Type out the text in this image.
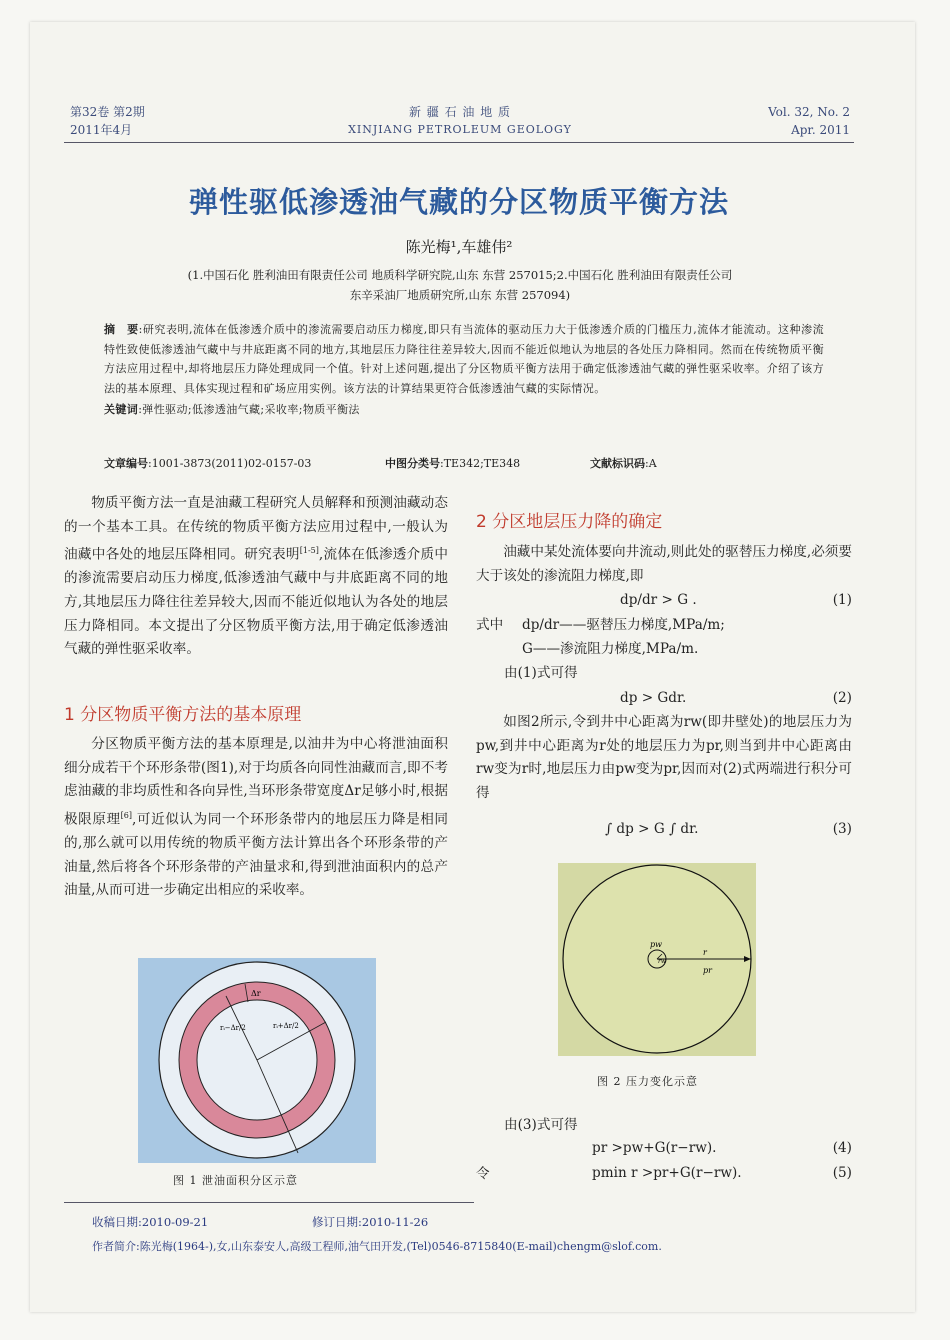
第32卷 第2期
2011年4月
新 疆 石 油 地 质
XINJIANG PETROLEUM GEOLOGY
Vol. 32, No. 2
Apr. 2011
弹性驱低渗透油气藏的分区物质平衡方法
陈光梅¹,车雄伟²
(1.中国石化 胜利油田有限责任公司 地质科学研究院,山东 东营 257015;2.中国石化 胜利油田有限责任公司
东辛采油厂地质研究所,山东 东营 257094)
摘　要:研究表明,流体在低渗透介质中的渗流需要启动压力梯度,即只有当流体的驱动压力大于低渗透介质的门槛压力,流体才能流动。这种渗流特性致使低渗透油气藏中与井底距离不同的地方,其地层压力降往往差异较大,因而不能近似地认为地层的各处压力降相同。然而在传统物质平衡方法应用过程中,却将地层压力降处理成同一个值。针对上述问题,提出了分区物质平衡方法用于确定低渗透油气藏的弹性驱采收率。介绍了该方法的基本原理、具体实现过程和矿场应用实例。该方法的计算结果更符合低渗透油气藏的实际情况。
关键词:弹性驱动;低渗透油气藏;采收率;物质平衡法
文章编号:1001-3873(2011)02-0157-03	中图分类号:TE342;TE348	文献标识码:A
物质平衡方法一直是油藏工程研究人员解释和预测油藏动态的一个基本工具。在传统的物质平衡方法应用过程中,一般认为油藏中各处的地层压降相同。研究表明[1-5],流体在低渗透介质中的渗流需要启动压力梯度,低渗透油气藏中与井底距离不同的地方,其地层压力降往往差异较大,因而不能近似地认为各处的地层压力降相同。本文提出了分区物质平衡方法,用于确定低渗透油气藏的弹性驱采收率。
1 分区物质平衡方法的基本原理
分区物质平衡方法的基本原理是,以油井为中心将泄油面积细分成若干个环形条带(图1),对于均质各向同性油藏而言,即不考虑油藏的非均质性和各向异性,当环形条带宽度Δr足够小时,根据极限原理[6],可近似认为同一个环形条带内的地层压力降是相同的,那么就可以用传统的物质平衡方法计算出各个环形条带的产油量,然后将各个环形条带的产油量求和,得到泄油面积内的总产油量,从而可进一步确定出相应的采收率。
Δr
rᵢ−Δr/2	rᵢ+Δr/2
图 1 泄油面积分区示意
2 分区地层压力降的确定
油藏中某处流体要向井流动,则此处的驱替压力梯度,必须要大于该处的渗流阻力梯度,即
dp/dr > G .	(1)
式中 dp/dr——驱替压力梯度,MPa/m;
G——渗流阻力梯度,MPa/m.
由(1)式可得
dp > Gdr.	(2)
如图2所示,令到井中心距离为rw(即井壁处)的地层压力为pw,到井中心距离为r处的地层压力为pr,则当到井中心距离由rw变为r时,地层压力由pw变为pr,因而对(2)式两端进行积分可得
∫ dp > G ∫ dr.	(3)
pw
rw
r
pr
图 2 压力变化示意
由(3)式可得
pr >pw+G(r−rw).	(4)
令	pmin r >pr+G(r−rw).	(5)
收稿日期:2010-09-21	修订日期:2010-11-26
作者简介:陈光梅(1964-),女,山东泰安人,高级工程师,油气田开发,(Tel)0546-8715840(E-mail)chengm@slof.com.
